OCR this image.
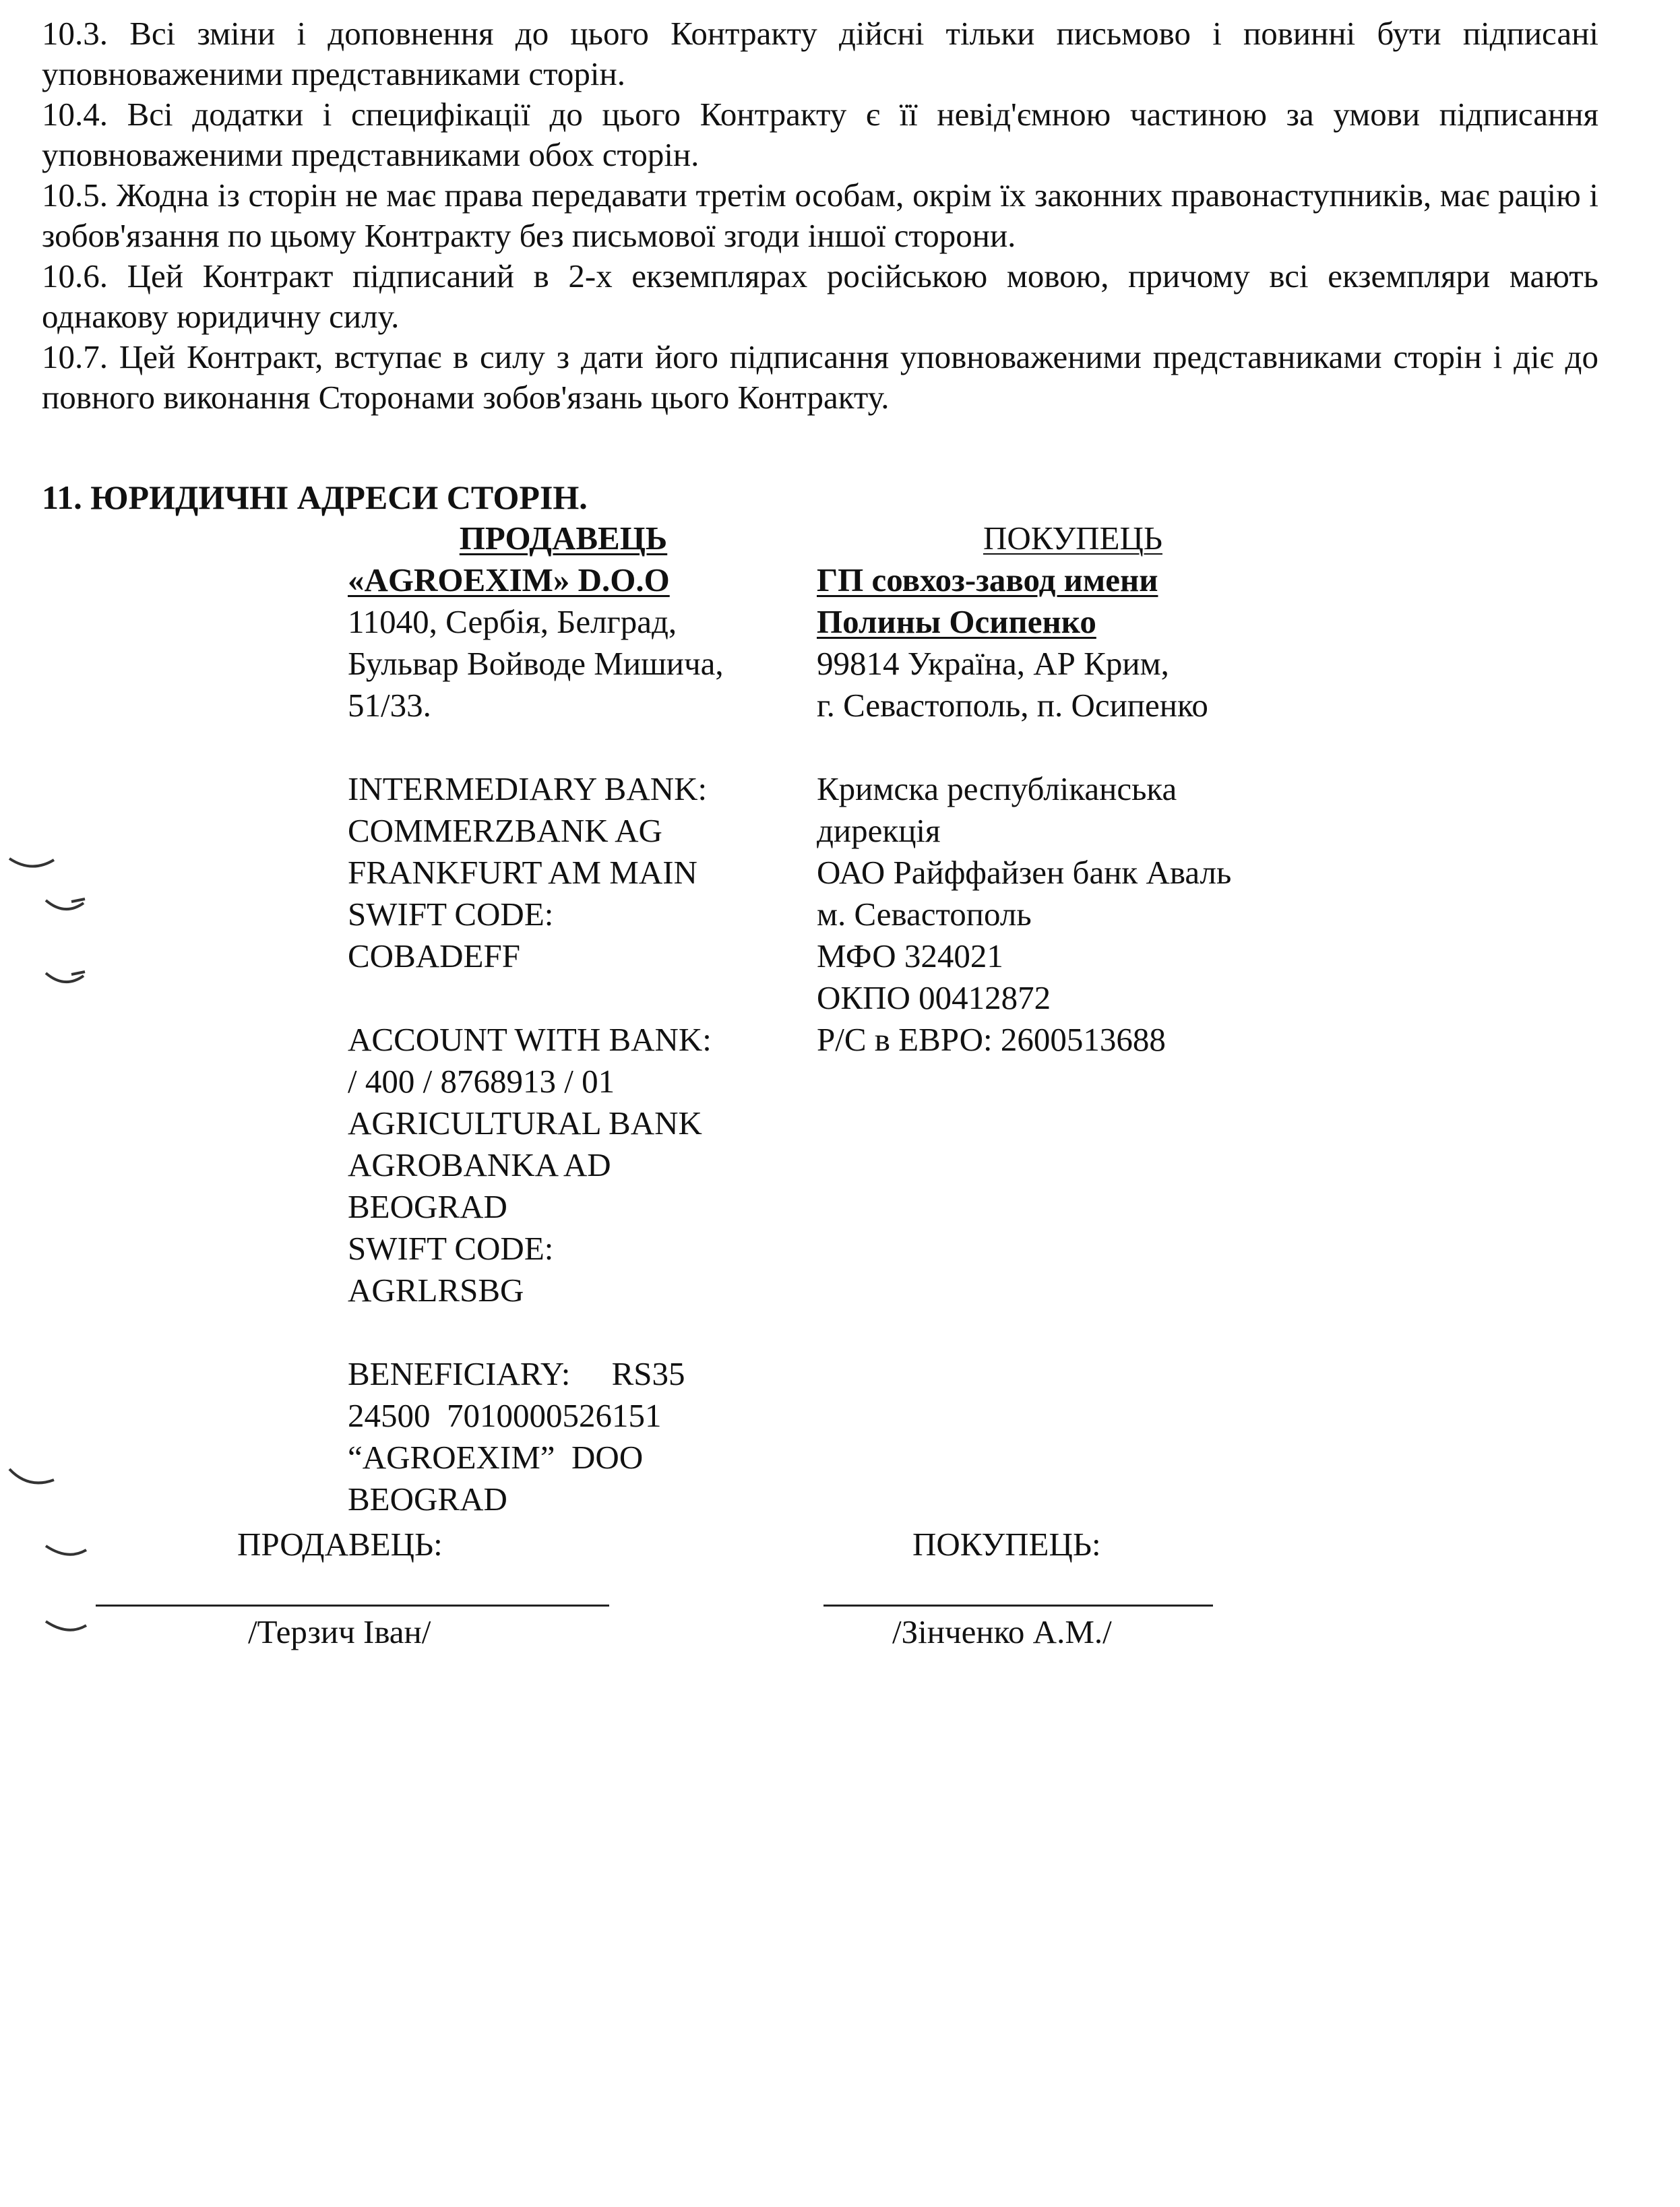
10.3. Всі зміни і доповнення до цього Контракту дійсні тільки письмово і повинні бути підписані уповноваженими представниками сторін.

10.4. Всі додатки і специфікації до цього Контракту є її невід'ємною частиною за умови підписання уповноваженими представниками обох сторін.

10.5. Жодна із сторін не має права передавати третім особам, окрім їх законних правонаступників, має рацію і зобов'язання по цьому Контракту без письмової згоди іншої сторони.

10.6. Цей Контракт підписаний в 2-х екземплярах російською мовою, причому всі екземпляри мають однакову юридичну силу.

10.7. Цей Контракт, вступає в силу з дати його підписання уповноваженими представниками сторін і діє до повного виконання Сторонами зобов'язань цього Контракту.

11. ЮРИДИЧНІ АДРЕСИ СТОРІН.
ПРОДАВЕЦЬ
«AGROEXIM» D.O.O
11040, Сербія, Белград,
Бульвар Войводе Мишича,
51/33.
INTERMEDIARY BANK:
COMMERZBANK AG
FRANKFURT AM MAIN
SWIFT CODE:
COBADEFF
ACCOUNT WITH BANK:
/ 400 / 8768913 / 01
AGRICULTURAL BANK
AGROBANKA AD
BEOGRAD
SWIFT CODE:
AGRLRSBG
BENEFICIARY:     RS35
24500  7010000526151
“AGROEXIM”  DOO
BEOGRAD
ПОКУПЕЦЬ
ГП совхоз-завод имени
Полины Осипенко
99814 Україна, АР Крим,
г. Севастополь, п. Осипенко
Кримска республіканська
дирекція
ОАО Райффайзен банк Аваль
м. Севастополь
МФО 324021
ОКПО 00412872
Р/С в ЕВРО: 2600513688
ПРОДАВЕЦЬ:
/Терзич Іван/
ПОКУПЕЦЬ:
/Зінченко А.М./
